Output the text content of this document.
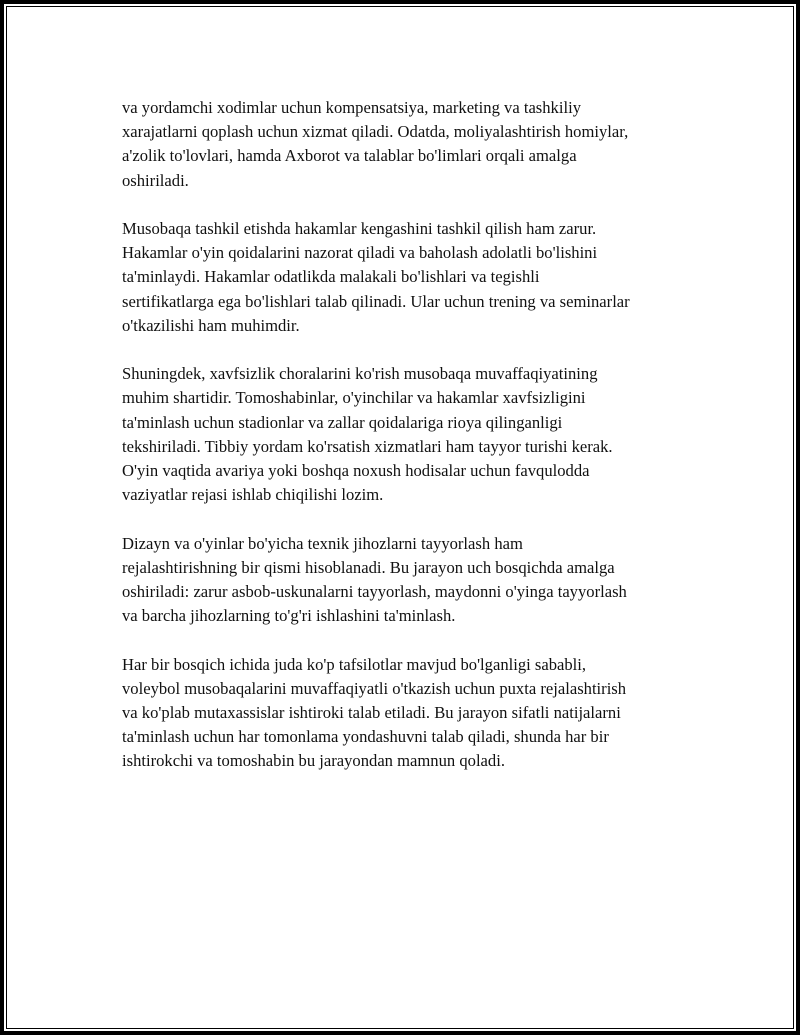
va yordamchi xodimlar uchun kompensatsiya, marketing va tashkiliy
xarajatlarni qoplash uchun xizmat qiladi. Odatda, moliyalashtirish homiylar,
a'zolik to'lovlari, hamda Axborot va talablar bo'limlari orqali amalga
oshiriladi.

Musobaqa tashkil etishda hakamlar kengashini tashkil qilish ham zarur.
Hakamlar o'yin qoidalarini nazorat qiladi va baholash adolatli bo'lishini
ta'minlaydi. Hakamlar odatlikda malakali bo'lishlari va tegishli
sertifikatlarga ega bo'lishlari talab qilinadi. Ular uchun trening va seminarlar
o'tkazilishi ham muhimdir.

Shuningdek, xavfsizlik choralarini ko'rish musobaqa muvaffaqiyatining
muhim shartidir. Tomoshabinlar, o'yinchilar va hakamlar xavfsizligini
ta'minlash uchun stadionlar va zallar qoidalariga rioya qilinganligi
tekshiriladi. Tibbiy yordam ko'rsatish xizmatlari ham tayyor turishi kerak.
O'yin vaqtida avariya yoki boshqa noxush hodisalar uchun favqulodda
vaziyatlar rejasi ishlab chiqilishi lozim.

Dizayn va o'yinlar bo'yicha texnik jihozlarni tayyorlash ham
rejalashtirishning bir qismi hisoblanadi. Bu jarayon uch bosqichda amalga
oshiriladi: zarur asbob-uskunalarni tayyorlash, maydonni o'yinga tayyorlash
va barcha jihozlarning to'g'ri ishlashini ta'minlash.

Har bir bosqich ichida juda ko'p tafsilotlar mavjud bo'lganligi sababli,
voleybol musobaqalarini muvaffaqiyatli o'tkazish uchun puxta rejalashtirish
va ko'plab mutaxassislar ishtiroki talab etiladi. Bu jarayon sifatli natijalarni
ta'minlash uchun har tomonlama yondashuvni talab qiladi, shunda har bir
ishtirokchi va tomoshabin bu jarayondan mamnun qoladi.
